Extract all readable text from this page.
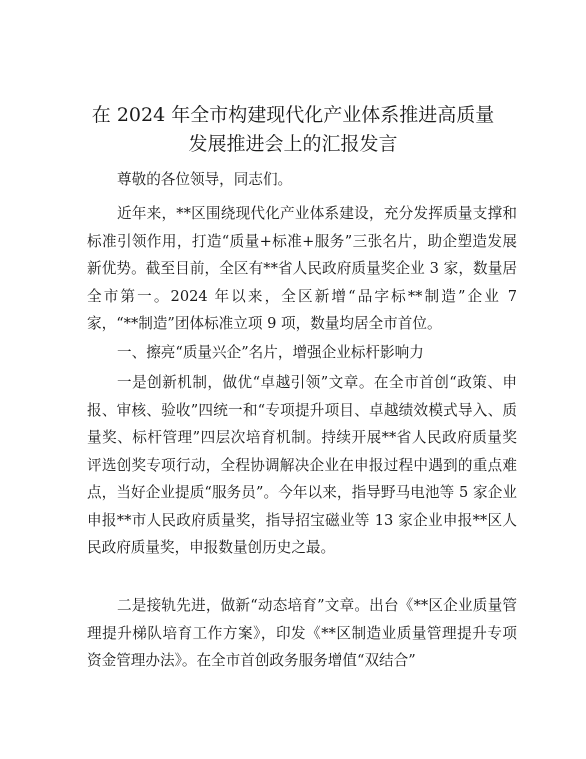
在 2024 年全市构建现代化产业体系推进高质量
发展推进会上的汇报发言

尊敬的各位领导，同志们。

近年来，**区围绕现代化产业体系建设，充分发挥质量支撑和标准引领作用，打造“质量+标准+服务”三张名片，助企塑造发展新优势。截至目前，全区有**省人民政府质量奖企业 3 家，数量居全市第一。2024 年以来，全区新增“品字标**制造”企业 7 家，“**制造”团体标准立项 9 项，数量均居全市首位。

一、擦亮“质量兴企”名片，增强企业标杆影响力

一是创新机制，做优“卓越引领”文章。在全市首创“政策、申报、审核、验收”四统一和“专项提升项目、卓越绩效模式导入、质量奖、标杆管理”四层次培育机制。持续开展**省人民政府质量奖评选创奖专项行动，全程协调解决企业在申报过程中遇到的重点难点，当好企业提质“服务员”。今年以来，指导野马电池等 5 家企业申报**市人民政府质量奖，指导招宝磁业等 13 家企业申报**区人民政府质量奖，申报数量创历史之最。

二是接轨先进，做新“动态培育”文章。出台《**区企业质量管理提升梯队培育工作方案》，印发《**区制造业质量管理提升专项资金管理办法》。在全市首创政务服务增值“双结合”
